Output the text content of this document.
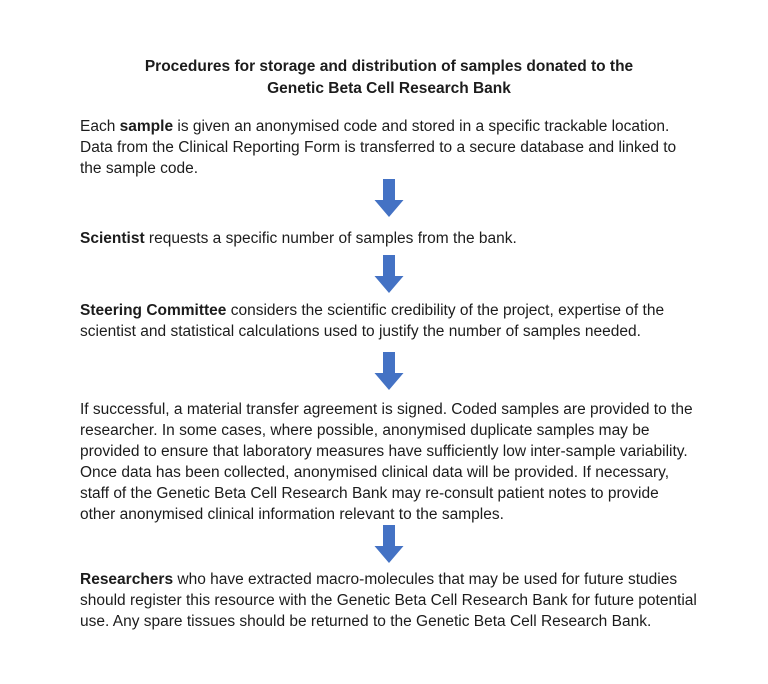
Procedures for storage and distribution of samples donated to the
Genetic Beta Cell Research Bank

Each sample is given an anonymised code and stored in a specific trackable location. Data from the Clinical Reporting Form is transferred to a secure database and linked to the sample code.

Scientist requests a specific number of samples from the bank.

Steering Committee considers the scientific credibility of the project, expertise of the scientist and statistical calculations used to justify the number of samples needed.

If successful, a material transfer agreement is signed. Coded samples are provided to the researcher. In some cases, where possible, anonymised duplicate samples may be provided to ensure that laboratory measures have sufficiently low inter-sample variability. Once data has been collected, anonymised clinical data will be provided. If necessary, staff of the Genetic Beta Cell Research Bank may re-consult patient notes to provide other anonymised clinical information relevant to the samples.

Researchers who have extracted macro-molecules that may be used for future studies should register this resource with the Genetic Beta Cell Research Bank for future potential use. Any spare tissues should be returned to the Genetic Beta Cell Research Bank.
